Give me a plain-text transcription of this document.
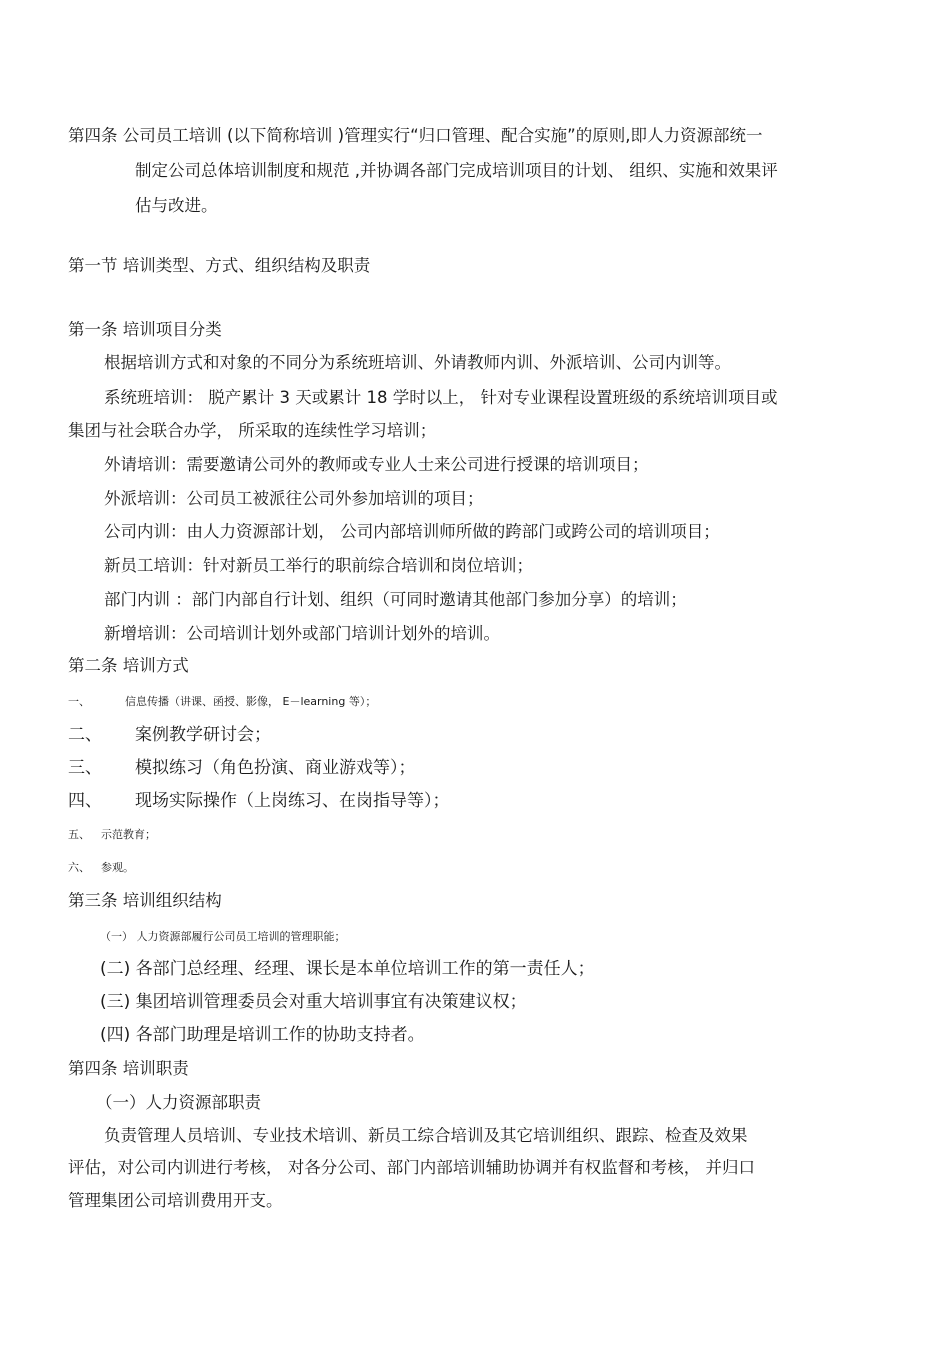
第四条 公司员工培训 (以下简称培训 )管理实行“归口管理、配合实施”的原则,即人力资源部统一
制定公司总体培训制度和规范 ,并协调各部门完成培训项目的计划、 组织、实施和效果评
估与改进。
第一节 培训类型、方式、组织结构及职责
第一条 培训项目分类
根据培训方式和对象的不同分为系统班培训、外请教师内训、外派培训、公司内训等。
系统班培训： 脱产累计 3 天或累计 18 学时以上， 针对专业课程设置班级的系统培训项目或
集团与社会联合办学， 所采取的连续性学习培训；
外请培训：需要邀请公司外的教师或专业人士来公司进行授课的培训项目；
外派培训：公司员工被派往公司外参加培训的项目；
公司内训：由人力资源部计划， 公司内部培训师所做的跨部门或跨公司的培训项目；
新员工培训：针对新员工举行的职前综合培训和岗位培训；
部门内训 ：部门内部自行计划、组织（可同时邀请其他部门参加分享）的培训；
新增培训：公司培训计划外或部门培训计划外的培训。
第二条 培训方式
一、	信息传播（讲课、函授、影像， E－learning 等）；
二、 案例教学研讨会；
三、 模拟练习（角色扮演、商业游戏等）；
四、 现场实际操作（上岗练习、在岗指导等）；
五、 示范教育；
六、 参观。
第三条 培训组织结构
（一） 人力资源部履行公司员工培训的管理职能；
(二) 各部门总经理、经理、课长是本单位培训工作的第一责任人；
(三) 集团培训管理委员会对重大培训事宜有决策建议权；
(四) 各部门助理是培训工作的协助支持者。
第四条 培训职责
（一）人力资源部职责
负责管理人员培训、专业技术培训、新员工综合培训及其它培训组织、跟踪、检查及效果
评估，对公司内训进行考核， 对各分公司、部门内部培训辅助协调并有权监督和考核， 并归口
管理集团公司培训费用开支。
